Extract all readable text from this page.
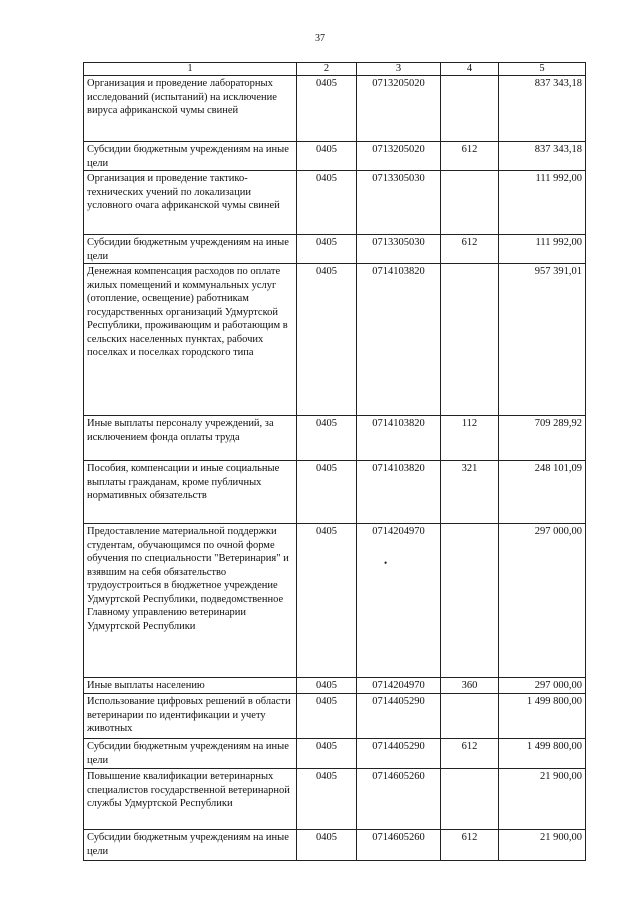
37
1	2	3	4	5
Организация и проведение лабораторных исследований (испытаний) на исключение вируса африканской чумы свиней	0405	0713205020		837 343,18
Субсидии бюджетным учреждениям на иные цели	0405	0713205020	612	837 343,18
Организация и проведение тактико-технических учений по локализации условного очага африканской чумы свиней	0405	0713305030		111 992,00
Субсидии бюджетным учреждениям на иные цели	0405	0713305030	612	111 992,00
Денежная компенсация расходов по оплате жилых помещений и коммунальных услуг (отопление, освещение) работникам государственных организаций Удмуртской Республики, проживающим и работающим в сельских населенных пунктах, рабочих поселках и поселках городского типа	0405	0714103820		957 391,01
Иные выплаты персоналу учреждений, за исключением фонда оплаты труда	0405	0714103820	112	709 289,92
Пособия, компенсации и иные социальные выплаты гражданам, кроме публичных нормативных обязательств	0405	0714103820	321	248 101,09
Предоставление материальной поддержки студентам, обучающимся по очной форме обучения по специальности "Ветеринария" и взявшим на себя обязательство трудоустроиться в бюджетное учреждение Удмуртской Республики, подведомственное Главному управлению ветеринарии Удмуртской Республики	0405	0714204970		297 000,00
Иные выплаты населению	0405	0714204970	360	297 000,00
Использование цифровых решений в области ветеринарии по идентификации и учету животных	0405	0714405290		1 499 800,00
Субсидии бюджетным учреждениям на иные цели	0405	0714405290	612	1 499 800,00
Повышение квалификации ветеринарных специалистов государственной ветеринарной службы Удмуртской Республики	0405	0714605260		21 900,00
Субсидии бюджетным учреждениям на иные цели	0405	0714605260	612	21 900,00
•
